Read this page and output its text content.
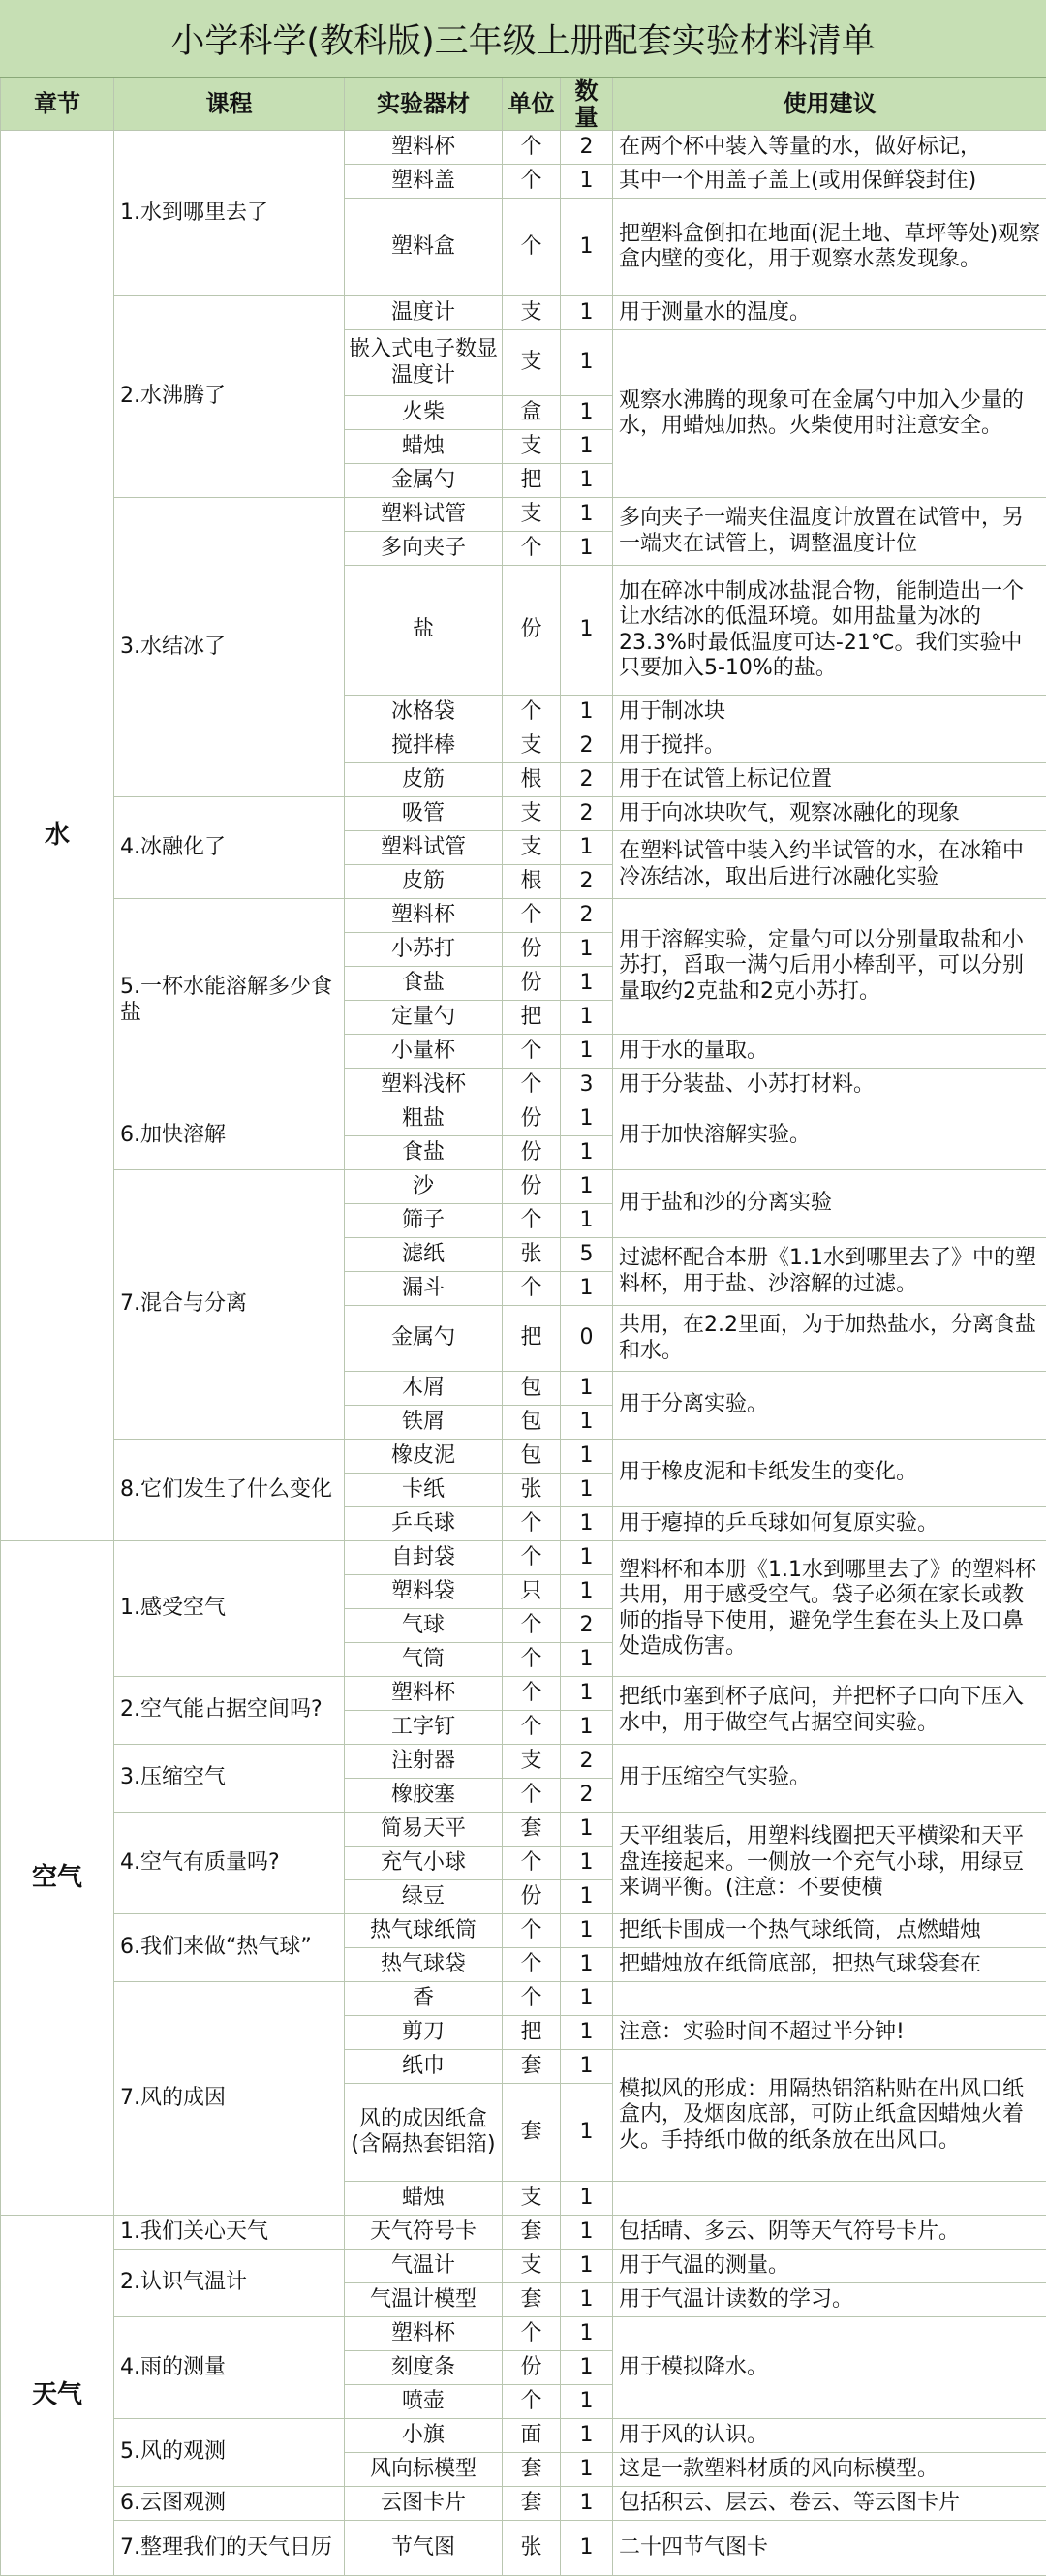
小学科学(教科版)三年级上册配套实验材料清单
章节	课程	实验器材	单位	数量	使用建议
水	1.水到哪里去了	塑料杯	个	2	在两个杯中装入等量的水，做好标记，
		塑料盖	个	1	其中一个用盖子盖上(或用保鲜袋封住)
		塑料盒	个	1	把塑料盒倒扣在地面(泥土地、草坪等处)观察盒内壁的变化，用于观察水蒸发现象。
	2.水沸腾了	温度计	支	1	用于测量水的温度。
		嵌入式电子数显温度计	支	1	观察水沸腾的现象可在金属勺中加入少量的水，用蜡烛加热。火柴使用时注意安全。
		火柴	盒	1	
		蜡烛	支	1	
		金属勺	把	1	
	3.水结冰了	塑料试管	支	1	多向夹子一端夹住温度计放置在试管中，另一端夹在试管上，调整温度计位
		多向夹子	个	1	
		盐	份	1	加在碎冰中制成冰盐混合物，能制造出一个让水结冰的低温环境。如用盐量为冰的23.3%时最低温度可达-21℃。我们实验中只要加入5-10%的盐。
		冰格袋	个	1	用于制冰块
		搅拌棒	支	2	用于搅拌。
		皮筋	根	2	用于在试管上标记位置
	4.冰融化了	吸管	支	2	用于向冰块吹气，观察冰融化的现象
		塑料试管	支	1	在塑料试管中装入约半试管的水，在冰箱中冷冻结冰，取出后进行冰融化实验
		皮筋	根	2	
	5.一杯水能溶解多少食盐	塑料杯	个	2	用于溶解实验，定量勺可以分别量取盐和小苏打，舀取一满勺后用小棒刮平，可以分别量取约2克盐和2克小苏打。
		小苏打	份	1	
		食盐	份	1	
		定量勺	把	1	
		小量杯	个	1	用于水的量取。
		塑料浅杯	个	3	用于分装盐、小苏打材料。
	6.加快溶解	粗盐	份	1	用于加快溶解实验。
		食盐	份	1	
	7.混合与分离	沙	份	1	用于盐和沙的分离实验
		筛子	个	1	
		滤纸	张	5	过滤杯配合本册《1.1水到哪里去了》中的塑料杯，用于盐、沙溶解的过滤。
		漏斗	个	1	
		金属勺	把	0	共用，在2.2里面，为于加热盐水，分离食盐和水。
		木屑	包	1	用于分离实验。
		铁屑	包	1	
	8.它们发生了什么变化	橡皮泥	包	1	用于橡皮泥和卡纸发生的变化。
		卡纸	张	1	
		乒乓球	个	1	用于瘪掉的乒乓球如何复原实验。
空气	1.感受空气	自封袋	个	1	塑料杯和本册《1.1水到哪里去了》的塑料杯共用，用于感受空气。袋子必须在家长或教师的指导下使用，避免学生套在头上及口鼻处造成伤害。
		塑料袋	只	1	
		气球	个	2	
		气筒	个	1	
	2.空气能占据空间吗?	塑料杯	个	1	把纸巾塞到杯子底问，并把杯子口向下压入水中，用于做空气占据空间实验。
		工字钉	个	1	
	3.压缩空气	注射器	支	2	用于压缩空气实验。
		橡胶塞	个	2	
	4.空气有质量吗?	简易天平	套	1	天平组装后，用塑料线圈把天平横梁和天平盘连接起来。一侧放一个充气小球，用绿豆来调平衡。(注意：不要使横
		充气小球	个	1	
		绿豆	份	1	
	6.我们来做“热气球”	热气球纸筒	个	1	把纸卡围成一个热气球纸筒，点燃蜡烛
		热气球袋	个	1	把蜡烛放在纸筒底部，把热气球袋套在
	7.风的成因	香	个	1	
		剪刀	把	1	注意：实验时间不超过半分钟!
		纸巾	套	1	模拟风的形成：用隔热铝箔粘贴在出风口纸盒内，及烟囱底部，可防止纸盒因蜡烛火着火。手持纸巾做的纸条放在出风口。
		风的成因纸盒(含隔热套铝箔)	套	1	
		蜡烛	支	1	
天气	1.我们关心天气	天气符号卡	套	1	包括晴、多云、阴等天气符号卡片。
	2.认识气温计	气温计	支	1	用于气温的测量。
		气温计模型	套	1	用于气温计读数的学习。
	4.雨的测量	塑料杯	个	1	用于模拟降水。
		刻度条	份	1	
		喷壶	个	1	
	5.风的观测	小旗	面	1	用于风的认识。
		风向标模型	套	1	这是一款塑料材质的风向标模型。
	6.云图观测	云图卡片	套	1	包括积云、层云、卷云、等云图卡片
	7.整理我们的天气日历	节气图	张	1	二十四节气图卡
